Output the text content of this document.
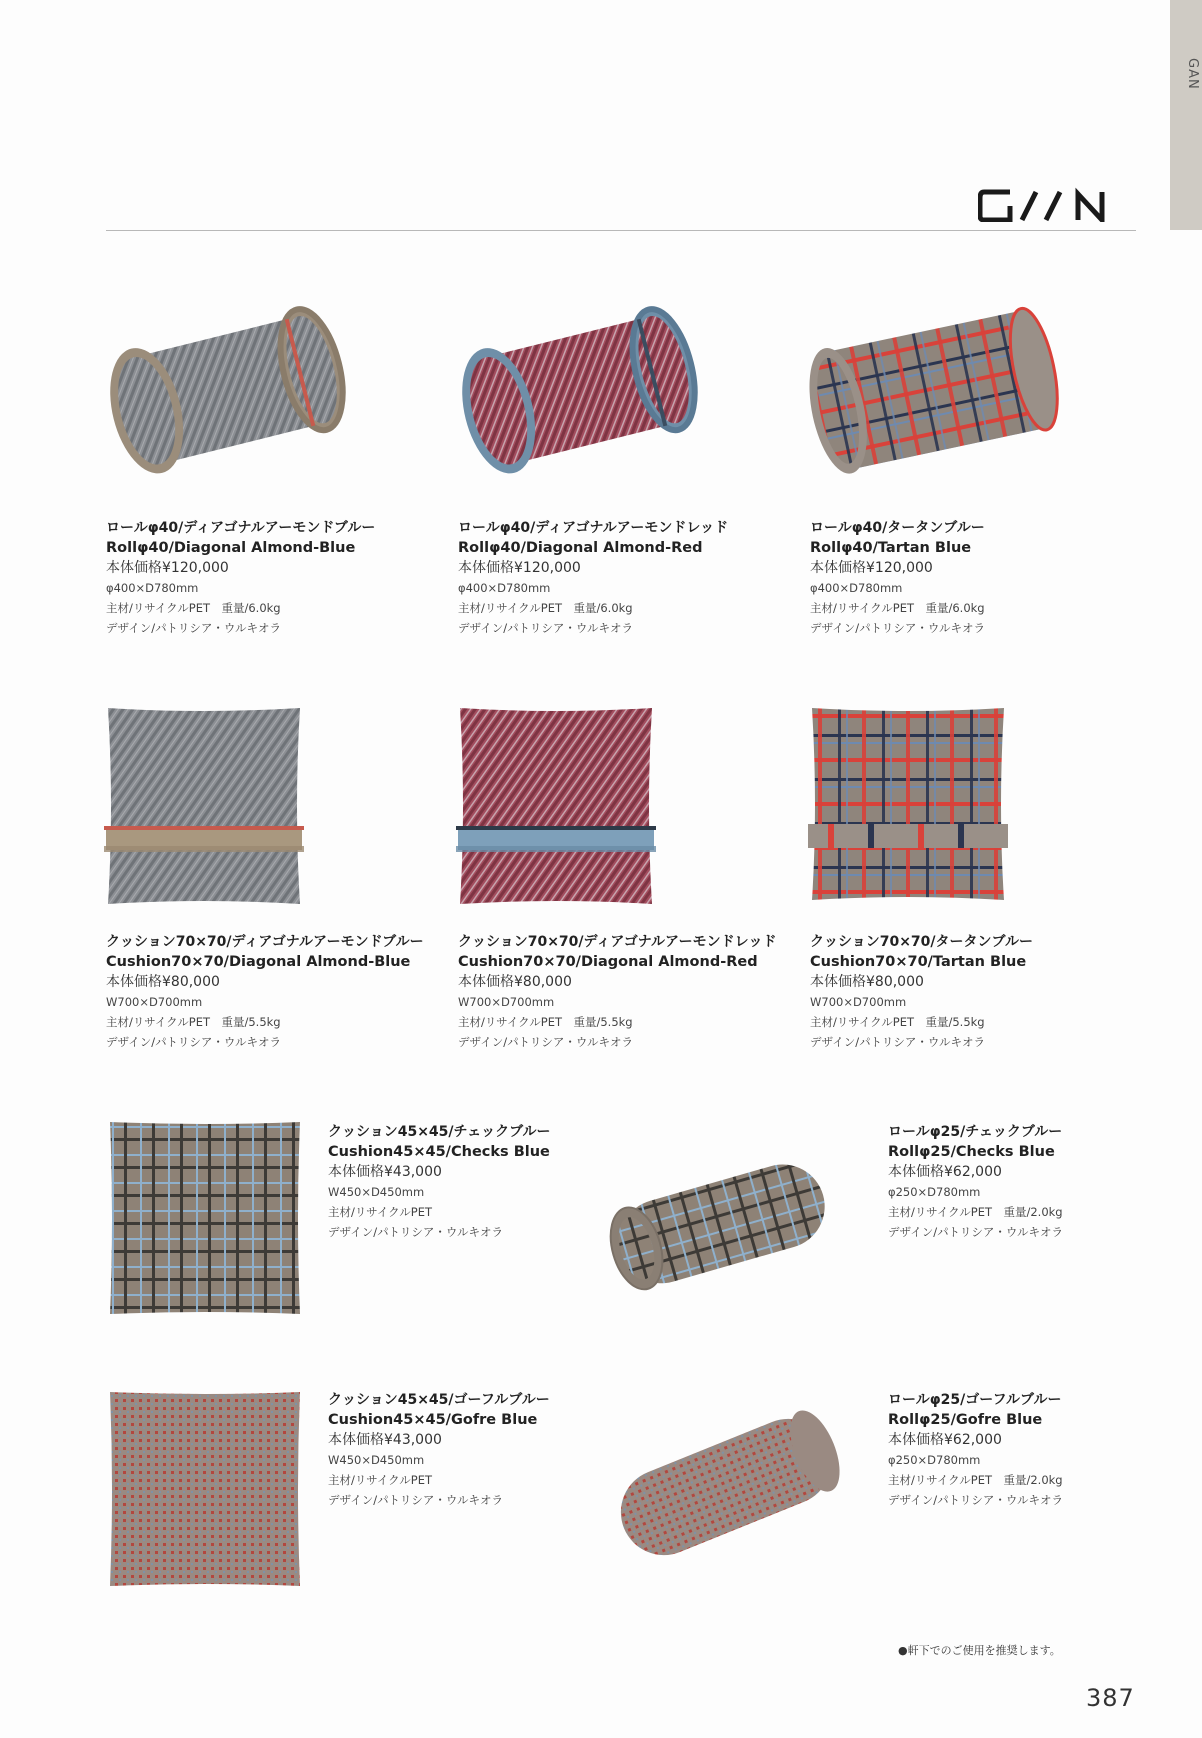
GAN
ロールφ40/ディアゴナルアーモンドブルー
Rollφ40/Diagonal Almond-Blue
本体価格¥120,000
φ400×D780mm
主材/リサイクルPET　重量/6.0kg
デザイン/パトリシア・ウルキオラ
ロールφ40/ディアゴナルアーモンドレッド
Rollφ40/Diagonal Almond-Red
本体価格¥120,000
φ400×D780mm
主材/リサイクルPET　重量/6.0kg
デザイン/パトリシア・ウルキオラ
ロールφ40/タータンブルー
Rollφ40/Tartan Blue
本体価格¥120,000
φ400×D780mm
主材/リサイクルPET　重量/6.0kg
デザイン/パトリシア・ウルキオラ
クッション70×70/ディアゴナルアーモンドブルー
Cushion70×70/Diagonal Almond-Blue
本体価格¥80,000
W700×D700mm
主材/リサイクルPET　重量/5.5kg
デザイン/パトリシア・ウルキオラ
クッション70×70/ディアゴナルアーモンドレッド
Cushion70×70/Diagonal Almond-Red
本体価格¥80,000
W700×D700mm
主材/リサイクルPET　重量/5.5kg
デザイン/パトリシア・ウルキオラ
クッション70×70/タータンブルー
Cushion70×70/Tartan Blue
本体価格¥80,000
W700×D700mm
主材/リサイクルPET　重量/5.5kg
デザイン/パトリシア・ウルキオラ
クッション45×45/チェックブルー
Cushion45×45/Checks Blue
本体価格¥43,000
W450×D450mm
主材/リサイクルPET
デザイン/パトリシア・ウルキオラ
ロールφ25/チェックブルー
Rollφ25/Checks Blue
本体価格¥62,000
φ250×D780mm
主材/リサイクルPET　重量/2.0kg
デザイン/パトリシア・ウルキオラ
クッション45×45/ゴーフルブルー
Cushion45×45/Gofre Blue
本体価格¥43,000
W450×D450mm
主材/リサイクルPET
デザイン/パトリシア・ウルキオラ
ロールφ25/ゴーフルブルー
Rollφ25/Gofre Blue
本体価格¥62,000
φ250×D780mm
主材/リサイクルPET　重量/2.0kg
デザイン/パトリシア・ウルキオラ
●軒下でのご使用を推奨します。
387
